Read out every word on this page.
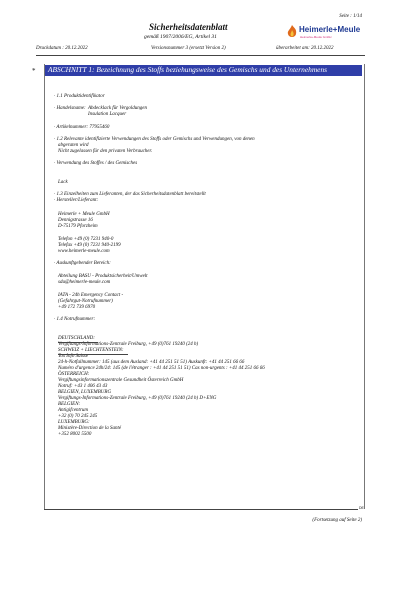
Seite : 1/14
Sicherheitsdatenblatt
gemäß 1907/2006/EG, Artikel 31
Heimerle+Meule
Heimerle+Meule GmbH
Druckdatum : 20.12.2022	Versionsnummer 3 (ersetzt Version 2)	überarbeitet am: 20.12.2022
*	ABSCHNITT 1: Bezeichnung des Stoffs beziehungsweise des Gemischs und des Unternehmens
· 1.1 Produktidentifikator
· Handelsname: Abdecklack für Vergoldungen
Insulation Lacquer
· Artikelnummer: 77955460
· 1.2 Relevante identifizierte Verwendungen des Stoffs oder Gemischs und Verwendungen, von denen
abgeraten wird
Nicht zugelassen für den privaten Verbraucher.
· Verwendung des Stoffes / des Gemisches
Lack
· 1.3 Einzelheiten zum Lieferanten, der das Sicherheitsdatenblatt bereitstellt
· Hersteller/Lieferant:
Heimerle + Meule GmbH
Dennigstrasse 16
D-75179 Pforzheim
Telefon +49 (0) 7231 940-0
Telefax +49 (0) 7231 940-2199
www.heimerle-meule.com
· Auskunftgebender Bereich:
Abteilung BASU - Produktsicherheit/Umwelt
sdu@heimerle-meule.com
IATA - 24h Emergency Contact -
(Gefahrgut-Notrufnummer)
+49 172 739 6970
· 1.4 Notrufnummer:
DEUTSCHLAND:
Vergiftungs-Informations-Zentrale Freiburg, +49 (0)761 19240 (24 h)
SCHWEIZ + LIECHTENSTEIN:
Tox Info Suisse
24-h-Notfallnummer: 145 (aus dem Ausland: +41 44 251 51 51) Auskunft: +41 44 251 66 66
Numéro d'urgence 24h/24: 145 (de l'étranger : +41 44 251 51 51) Cas non-urgents : +41 44 251 66 66
ÖSTERREICH:
Vergiftungsinformationszentrale Gesundheit Österreich GmbH
Notruf: +43 1 406 43 43
BELGIEN, LUXEMBURG
Vergiftungs-Informations-Zentrale Freiburg, +49 (0)761 19240 (24 h) D+ENG
BELGIEN:
Antigifcentrum
+32 (0) 70 245 245
LUXEMBURG:
Ministère-Direction de la Santé
+352 8002 5500
DE
(Fortsetzung auf Seite 2)
